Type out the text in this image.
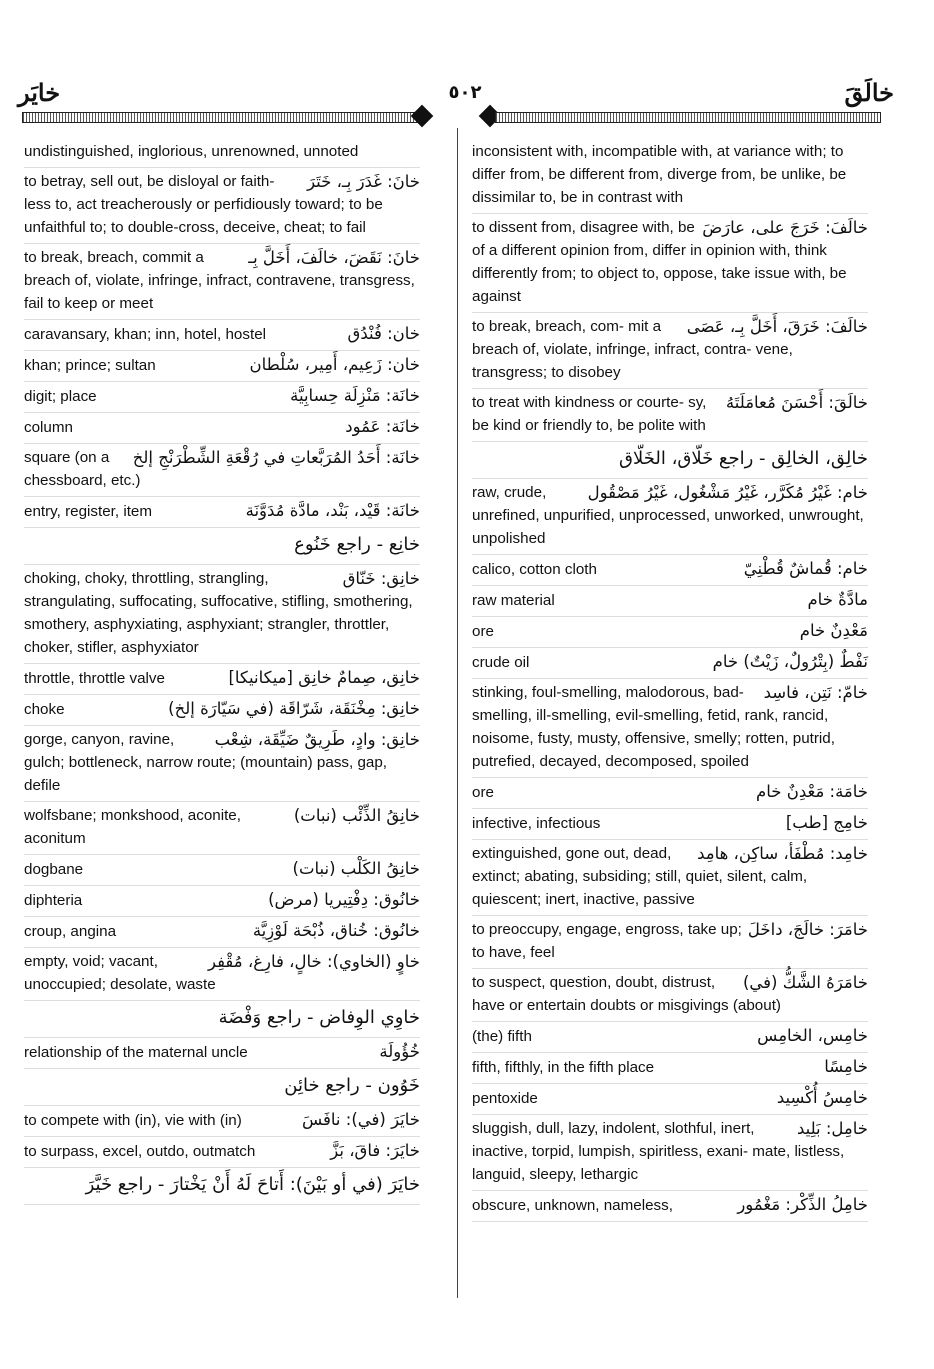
خايَر	٥٠٢	خالَقَ
undistinguished, inglorious, unrenowned, unnoted
خانَ: غَدَرَ بِـ، خَتَرَ
to betray, sell out, be disloyal or faith- less to, act treacherously or perfidiously toward; to be unfaithful to; to double-cross, deceive, cheat; to fail
خانَ: نَقَضَ، خالَفَ، أَخَلَّ بِـ
to break, breach, commit a breach of, violate, infringe, infract, contravene, transgress, fail to keep or meet
caravansary, khan; inn, hotel, hostel	خان: فُنْدُق
khan; prince; sultan	خان: زَعِيم، أَمِير، سُلْطان
digit; place	خانَة: مَنْزِلَة حِسابِيَّة
column	خانَة: عَمُود
خانَة: أَحَدُ المُرَبَّعاتِ في رُقْعَةِ الشِّطْرَنْجِ إلخ
square (on a chessboard, etc.)
entry, register, item	خانَة: قَيْد، بَنْد، مادَّة مُدَوَّنَة
خانِع - راجع خَنُوع
خانِق: خَنّاق
choking, choky, throttling, strangling, strangulating, suffocating, suffocative, stifling, smothering, smothery, asphyxiating, asphyxiant; strangler, throttler, choker, stifler, asphyxiator
throttle, throttle valve	خانِق، صِمامٌ خانِق [ميكانيكا]
choke	خانِق: مِخْنَقَة، شَرّاقَة (في سَيّارَة إلخ)
خانِق: وادٍ، طَرِيقٌ ضَيِّقَة، شِعْب
gorge, canyon, ravine, gulch; bottleneck, narrow route; (mountain) pass, gap, defile
خانِقُ الذِّئْب (نبات)
wolfsbane; monkshood, aconite, aconitum
dogbane	خانِقُ الكَلْب (نبات)
diphteria	خانُوق: دِفْتِيريا (مرض)
croup, angina	خانُوق: خُناق، ذُبْحَة لَوْزِيَّة
خاوٍ (الخاوي): خالٍ، فارِغ، مُقْفِر
empty, void; vacant, unoccupied; desolate, waste
خاوِي الوِفاض - راجع وَفْضَة
relationship of the maternal uncle	خُؤُولَة
خَوُون - راجع خائِن
to compete with (in), vie with (in)	خايَرَ (في): نافَسَ
to surpass, excel, outdo, outmatch	خايَرَ: فاقَ، بَزَّ
خايَرَ (في أو بَيْنَ): أَتاحَ لَهُ أَنْ يَخْتارَ - راجع خَيَّرَ
inconsistent with, incompatible with, at variance with; to differ from, be different from, diverge from, be unlike, be dissimilar to, be in contrast with
خالَفَ: خَرَجَ على، عارَضَ
to dissent from, disagree with, be of a different opinion from, differ in opinion with, think differently from; to object to, oppose, take issue with, be against
خالَفَ: خَرَقَ، أَخَلَّ بِـ، عَصَى
to break, breach, com- mit a breach of, violate, infringe, infract, contra- vene, transgress; to disobey
خالَقَ: أَحْسَنَ مُعامَلَتَهُ
to treat with kindness or courte- sy, be kind or friendly to, be polite with
خالِق، الخالِق - راجع خَلّاق، الخَلّاق
خام: غَيْرُ مُكَرَّر، غَيْرُ مَشْغُول، غَيْرُ مَصْقُول
raw, crude, unrefined, unpurified, unprocessed, unworked, unwrought, unpolished
calico, cotton cloth	خام: قُماشٌ قُطْنِيّ
raw material	مادَّةٌ خام
ore	مَعْدِنٌ خام
crude oil	نَفْطٌ (بِتْرُولٌ، زَيْتٌ) خام
خامّ: نَتِن، فاسِد
stinking, foul-smelling, malodorous, bad-smelling, ill-smelling, evil-smelling, fetid, rank, rancid, noisome, fusty, musty, offensive, smelly; rotten, putrid, putrefied, decayed, decomposed, spoiled
ore	خامَة: مَعْدِنٌ خام
infective, infectious	خامِج [طب]
خامِد: مُطْفَأ، ساكِن، هامِد
extinguished, gone out, dead, extinct; abating, subsiding; still, quiet, silent, calm, quiescent; inert, inactive, passive
خامَرَ: خالَجَ، داخَلَ
to preoccupy, engage, engross, take up; to have, feel
خامَرَهُ الشَّكُّ (في)
to suspect, question, doubt, distrust, have or entertain doubts or misgivings (about)
(the) fifth	خامِس، الخامِس
fifth, fifthly, in the fifth place	خامِسًا
pentoxide	خامِسُ أُكْسِيد
خامِل: بَلِيد
sluggish, dull, lazy, indolent, slothful, inert, inactive, torpid, lumpish, spiritless, exani- mate, listless, languid, sleepy, lethargic
obscure, unknown, nameless,	خامِلُ الذِّكْر: مَغْمُور
